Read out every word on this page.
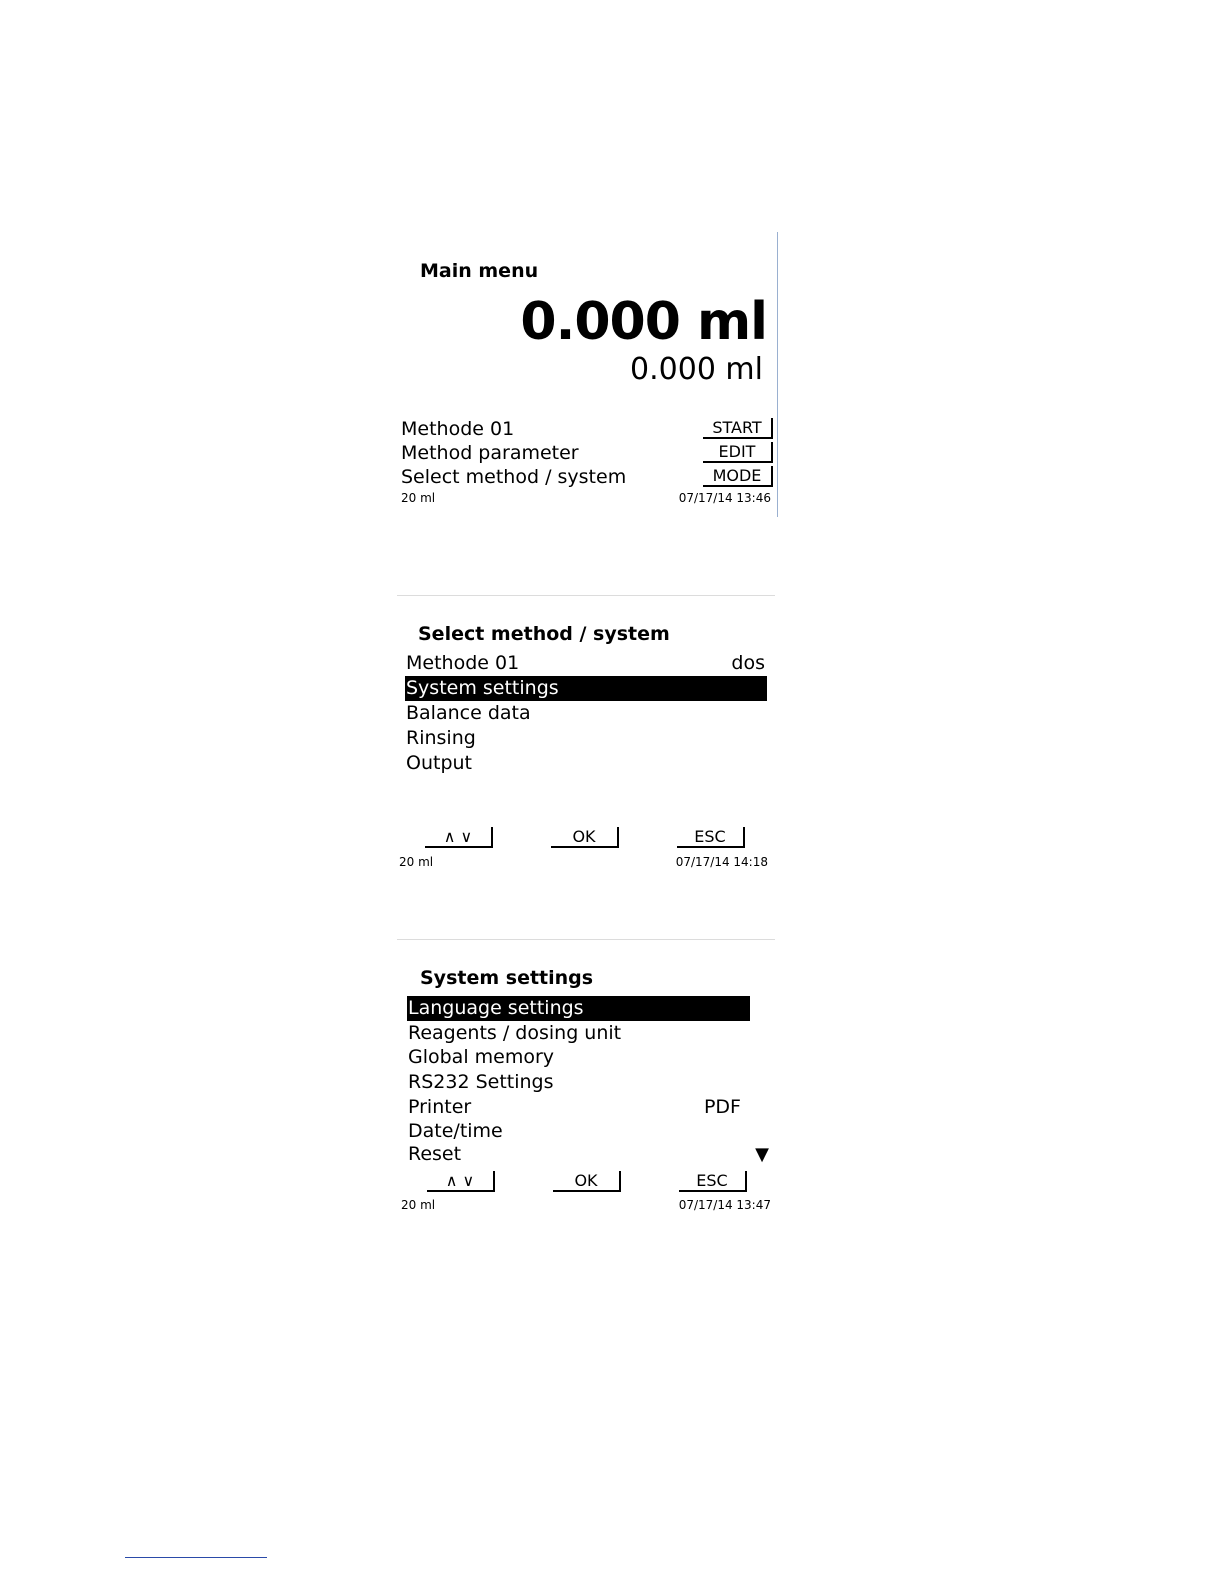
Main menu
0.000 ml
0.000 ml
Methode 01	START
Method parameter	EDIT
Select method / system	MODE
20 ml	07/17/14 13:46
Select method / system
Methode 01	dos
System settings
Balance data
Rinsing
Output
∧ ∨	OK	ESC
20 ml	07/17/14 14:18
System settings
Language settings
Reagents / dosing unit
Global memory
RS232 Settings
Printer	PDF
Date/time
Reset	▼
∧ ∨	OK	ESC
20 ml	07/17/14 13:47
